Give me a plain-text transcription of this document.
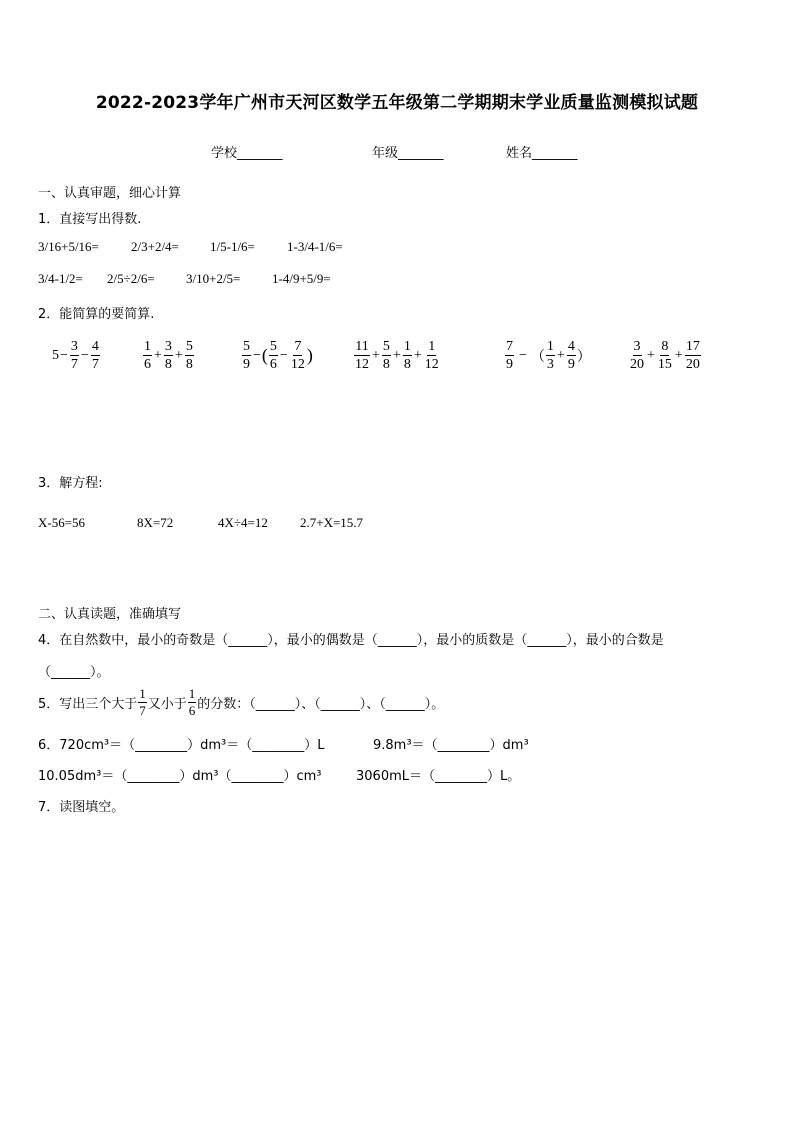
2022-2023学年广州市天河区数学五年级第二学期期末学业质量监测模拟试题
学校_______	年级_______	姓名_______
一、认真审题，细心计算
1．直接写出得数.
3/16+5/16= 2/3+2/4= 1/5-1/6= 1-3/4-1/6=
3/4-1/2= 2/5÷2/6= 3/10+2/5= 1-4/9+5/9=
2．能简算的要简算.
$5 - \frac{3}{7} - \frac{4}{7}$	$\frac{1}{6} + \frac{3}{8} + \frac{5}{8}$	$\frac{5}{9}$ − ( $\frac{5}{6} - \frac{7}{12}$ )	$\frac{11}{12} + \frac{5}{8} + \frac{1}{8} + \frac{1}{12}$	$\frac{7}{9}$ − （ $\frac{1}{3} + \frac{4}{9}$ ）	$\frac{3}{20} + \frac{8}{15} + \frac{17}{20}$
3．解方程:
X-56=56	8X=72	4X÷4=12 2.7+X=15.7
二、认真读题，准确填写
4．在自然数中，最小的奇数是（______），最小的偶数是（______），最小的质数是（______），最小的合数是
（______）。
5．写出三个大于 $\frac{1}{7}$ 又小于 $\frac{1}{6}$ 的分数：（______）、（______）、（______）。
6．720cm³＝（________）dm³＝（________）L	9.8m³＝（________）dm³
10.05dm³＝（________）dm³（________）cm³	3060mL＝（________）L。
7．读图填空。
